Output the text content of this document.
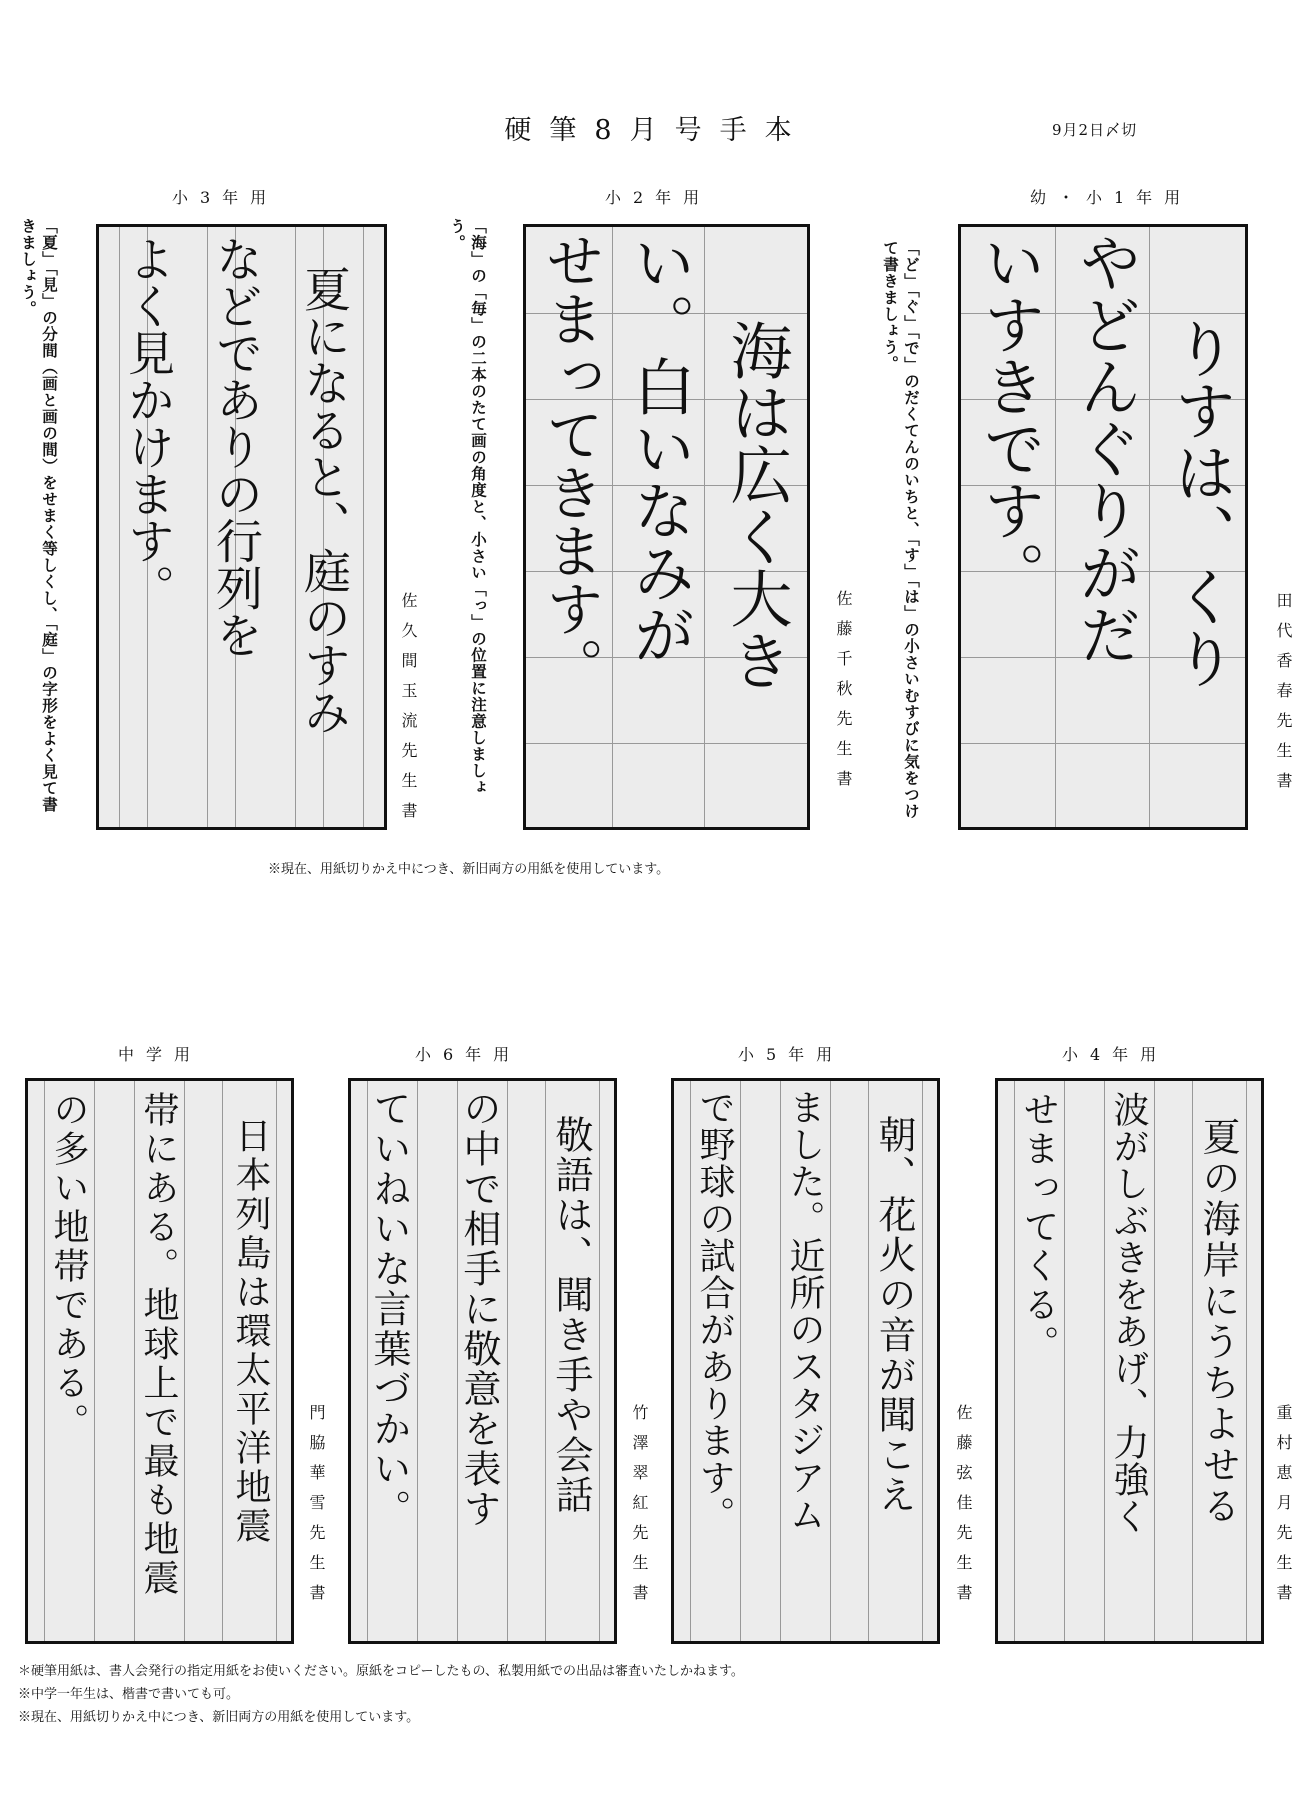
硬筆8月号手本	9月2日〆切
小3年用
「夏」「見」の分間（画と画の間）をせまく等しくし、「庭」の字形をよく見て書きましょう。	夏になると、庭のすみ
などでありの行列を
よく見かけます。
佐久間玉流先生書
小2年用
「海」の「毎」の二本のたて画の角度と、小さい「っ」の位置に注意しましょう。
海は広く大き
い。白いなみが
せまってきます。	佐藤千秋先生書
幼・小1年用
「ど」「ぐ」「で」のだくてんのいちと、「す」「は」の小さいむすびに気をつけて書きましょう。
りすは、くり
やどんぐりがだ
いすきです。
田代香春先生書
※現在、用紙切りかえ中につき、新旧両方の用紙を使用しています。
中学用
日本列島は環太平洋地震
帯にある。地球上で最も地震
の多い地帯である。
門脇華雪先生書
小6年用
敬語は、聞き手や会話
の中で相手に敬意を表す
ていねいな言葉づかい。	竹澤翠紅先生書
小5年用
朝、花火の音が聞こえ
ました。近所のスタジアム
で野球の試合があります。	佐藤弦佳先生書
小4年用
夏の海岸にうちよせる
波がしぶきをあげ、力強く
せまってくる。
重村恵月先生書
＊硬筆用紙は、書人会発行の指定用紙をお使いください。原紙をコピーしたもの、私製用紙での出品は審査いたしかねます。
※中学一年生は、楷書で書いても可。
※現在、用紙切りかえ中につき、新旧両方の用紙を使用しています。
